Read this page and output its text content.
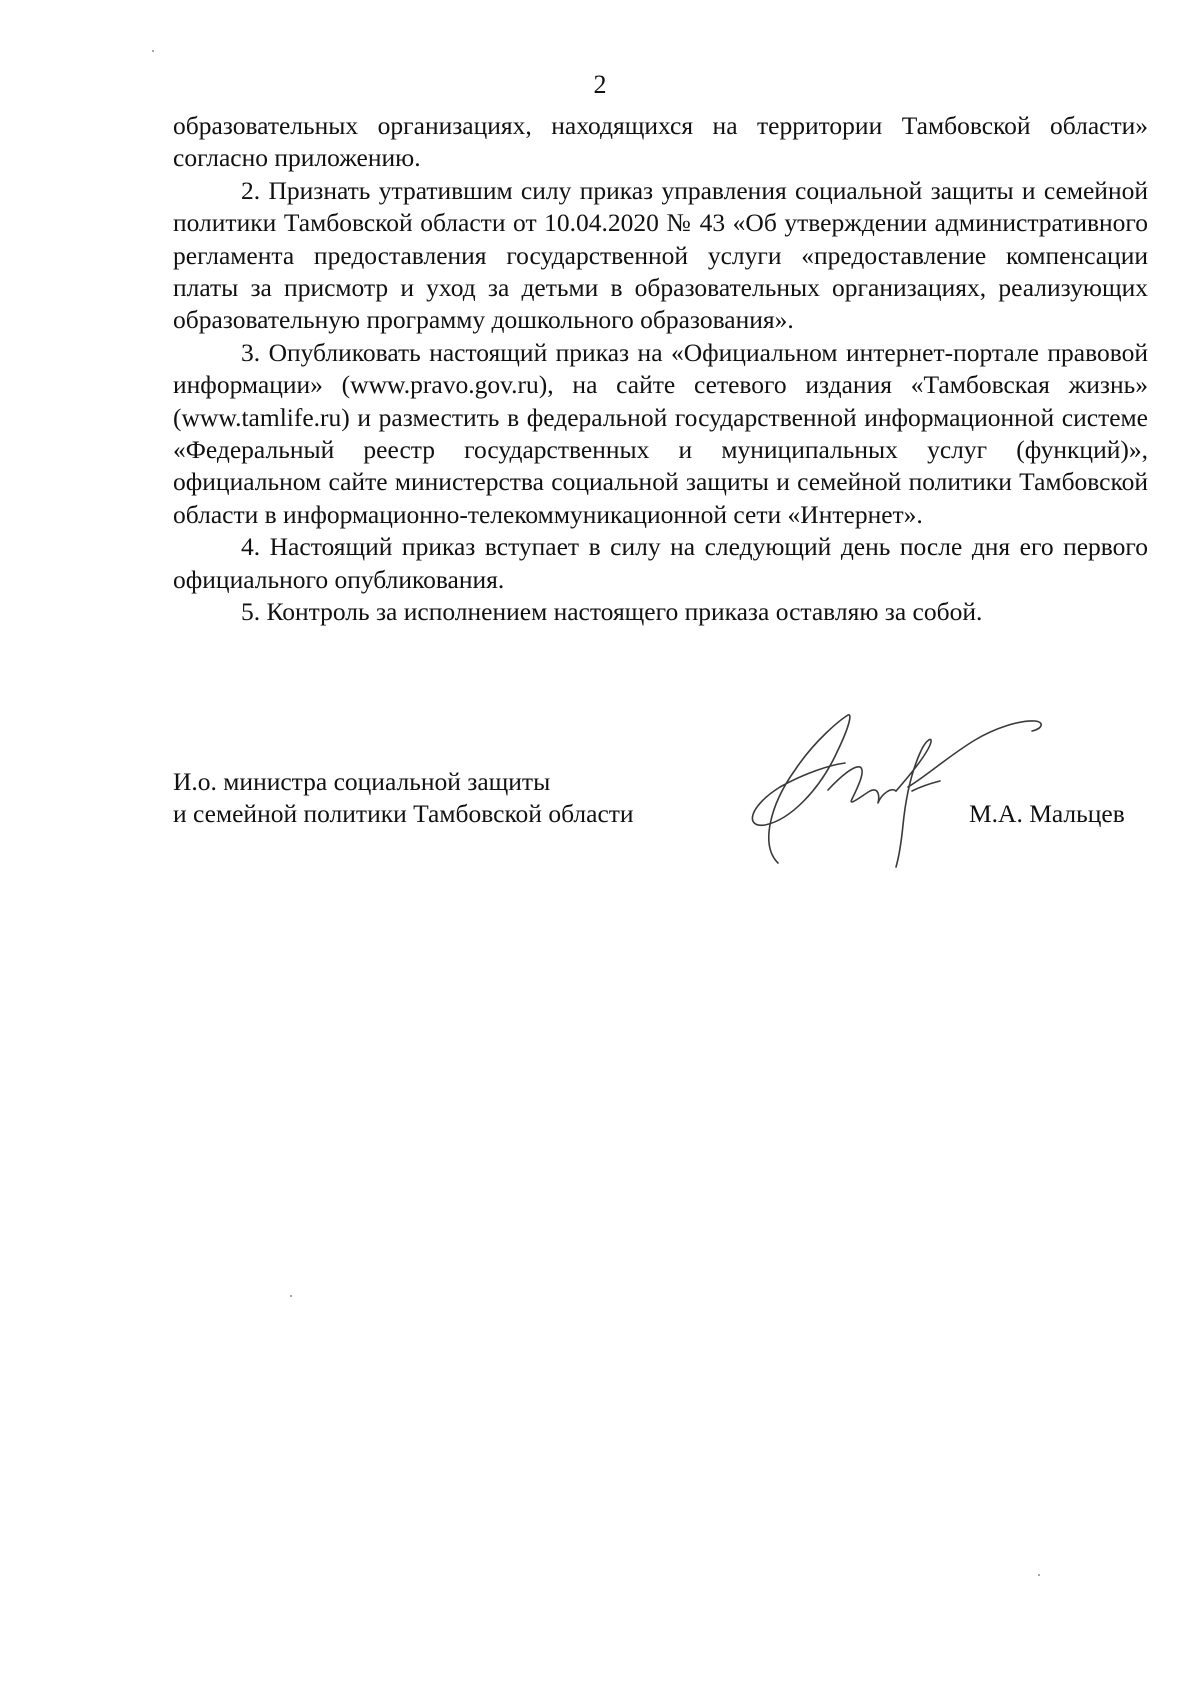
2

образовательных организациях, находящихся на территории Тамбовской области» согласно приложению.

2. Признать утратившим силу приказ управления социальной защиты и семейной политики Тамбовской области от 10.04.2020 № 43 «Об утверждении административного регламента предоставления государственной услуги «предоставление компенсации платы за присмотр и уход за детьми в образовательных организациях, реализующих образовательную программу дошкольного образования».

3. Опубликовать настоящий приказ на «Официальном интернет-портале правовой информации» (www.pravo.gov.ru), на сайте сетевого издания «Тамбовская жизнь» (www.tamlife.ru) и разместить в федеральной государственной информационной системе «Федеральный реестр государственных и муниципальных услуг (функций)», официальном сайте министерства социальной защиты и семейной политики Тамбовской области в информационно-телекоммуникационной сети «Интернет».

4. Настоящий приказ вступает в силу на следующий день после дня его первого официального опубликования.

5. Контроль за исполнением настоящего приказа оставляю за собой.

И.о. министра социальной защиты
и семейной политики Тамбовской области	М.А. Мальцев
